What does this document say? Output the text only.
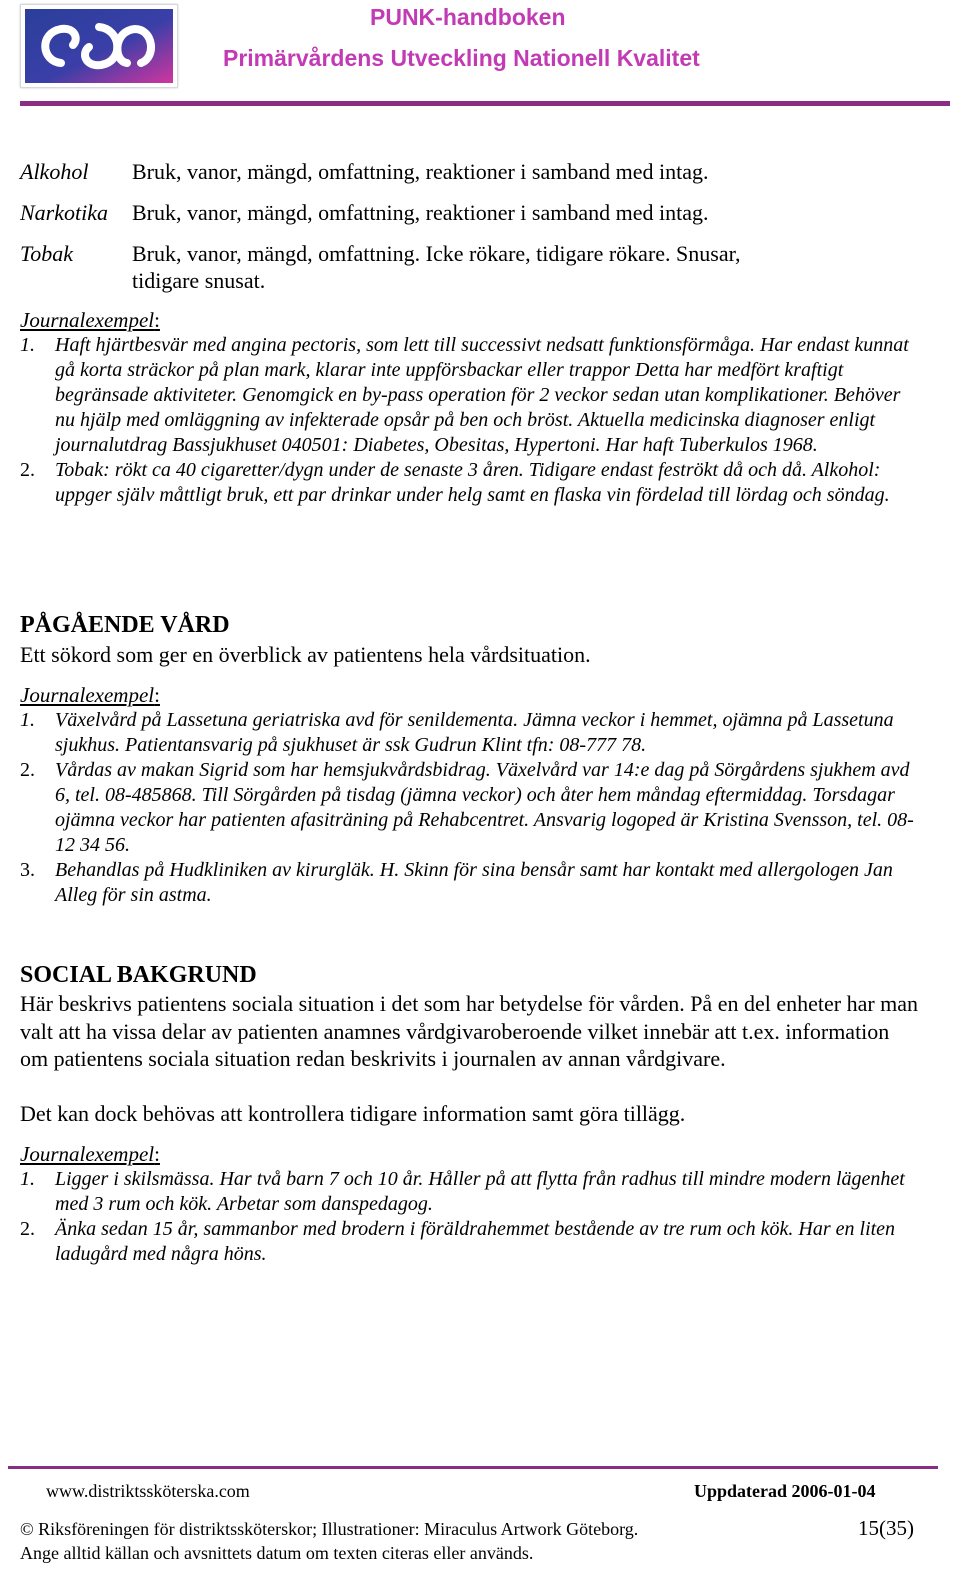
PUNK-handboken
Primärvårdens Utveckling Nationell Kvalitet
Alkohol Bruk, vanor, mängd, omfattning, reaktioner i samband med intag.
Narkotika Bruk, vanor, mängd, omfattning, reaktioner i samband med intag.
Tobak	Bruk, vanor, mängd, omfattning. Icke rökare, tidigare rökare. Snusar, tidigare snusat.
Journalexempel:
1. Haft hjärtbesvär med angina pectoris, som lett till successivt nedsatt funktionsförmåga. Har endast kunnat gå korta sträckor på plan mark, klarar inte uppförsbackar eller trappor Detta har medfört kraftigt begränsade aktiviteter. Genomgick en by-pass operation för 2 veckor sedan utan komplikationer. Behöver nu hjälp med omläggning av infekterade opsår på ben och bröst. Aktuella medicinska diagnoser enligt journalutdrag Bassjukhuset 040501: Diabetes, Obesitas, Hypertoni. Har haft Tuberkulos 1968.
2. Tobak: rökt ca 40 cigaretter/dygn under de senaste 3 åren. Tidigare endast feströkt då och då. Alkohol: uppger själv måttligt bruk, ett par drinkar under helg samt en flaska vin fördelad till lördag och söndag.
PÅGÅENDE VÅRD
Ett sökord som ger en överblick av patientens hela vårdsituation.
Journalexempel:
1. Växelvård på Lassetuna geriatriska avd för senildementa. Jämna veckor i hemmet, ojämna på Lassetuna sjukhus. Patientansvarig på sjukhuset är ssk Gudrun Klint tfn: 08-777 78.
2. Vårdas av makan Sigrid som har hemsjukvårdsbidrag. Växelvård var 14:e dag på Sörgårdens sjukhem avd 6, tel. 08-485868. Till Sörgården på tisdag (jämna veckor) och åter hem måndag eftermiddag. Torsdagar ojämna veckor har patienten afasiträning på Rehabcentret. Ansvarig logoped är Kristina Svensson, tel. 08-12 34 56.
3. Behandlas på Hudkliniken av kirurgläk. H. Skinn för sina bensår samt har kontakt med allergologen Jan Alleg för sin astma.
SOCIAL BAKGRUND
Här beskrivs patientens sociala situation i det som har betydelse för vården. På en del enheter har man valt att ha vissa delar av patienten anamnes vårdgivaroberoende vilket innebär att t.ex. information om patientens sociala situation redan beskrivits i journalen av annan vårdgivare.
Det kan dock behövas att kontrollera tidigare information samt göra tillägg.
Journalexempel:
1. Ligger i skilsmässa. Har två barn 7 och 10 år. Håller på att flytta från radhus till mindre modern lägenhet med 3 rum och kök. Arbetar som danspedagog.
2. Änka sedan 15 år, sammanbor med brodern i föräldrahemmet bestående av tre rum och kök. Har en liten ladugård med några höns.
www.distriktssköterska.com	Uppdaterad 2006-01-04
© Riksföreningen för distriktssköterskor; Illustrationer: Miraculus Artwork Göteborg.	15(35)
Ange alltid källan och avsnittets datum om texten citeras eller används.
